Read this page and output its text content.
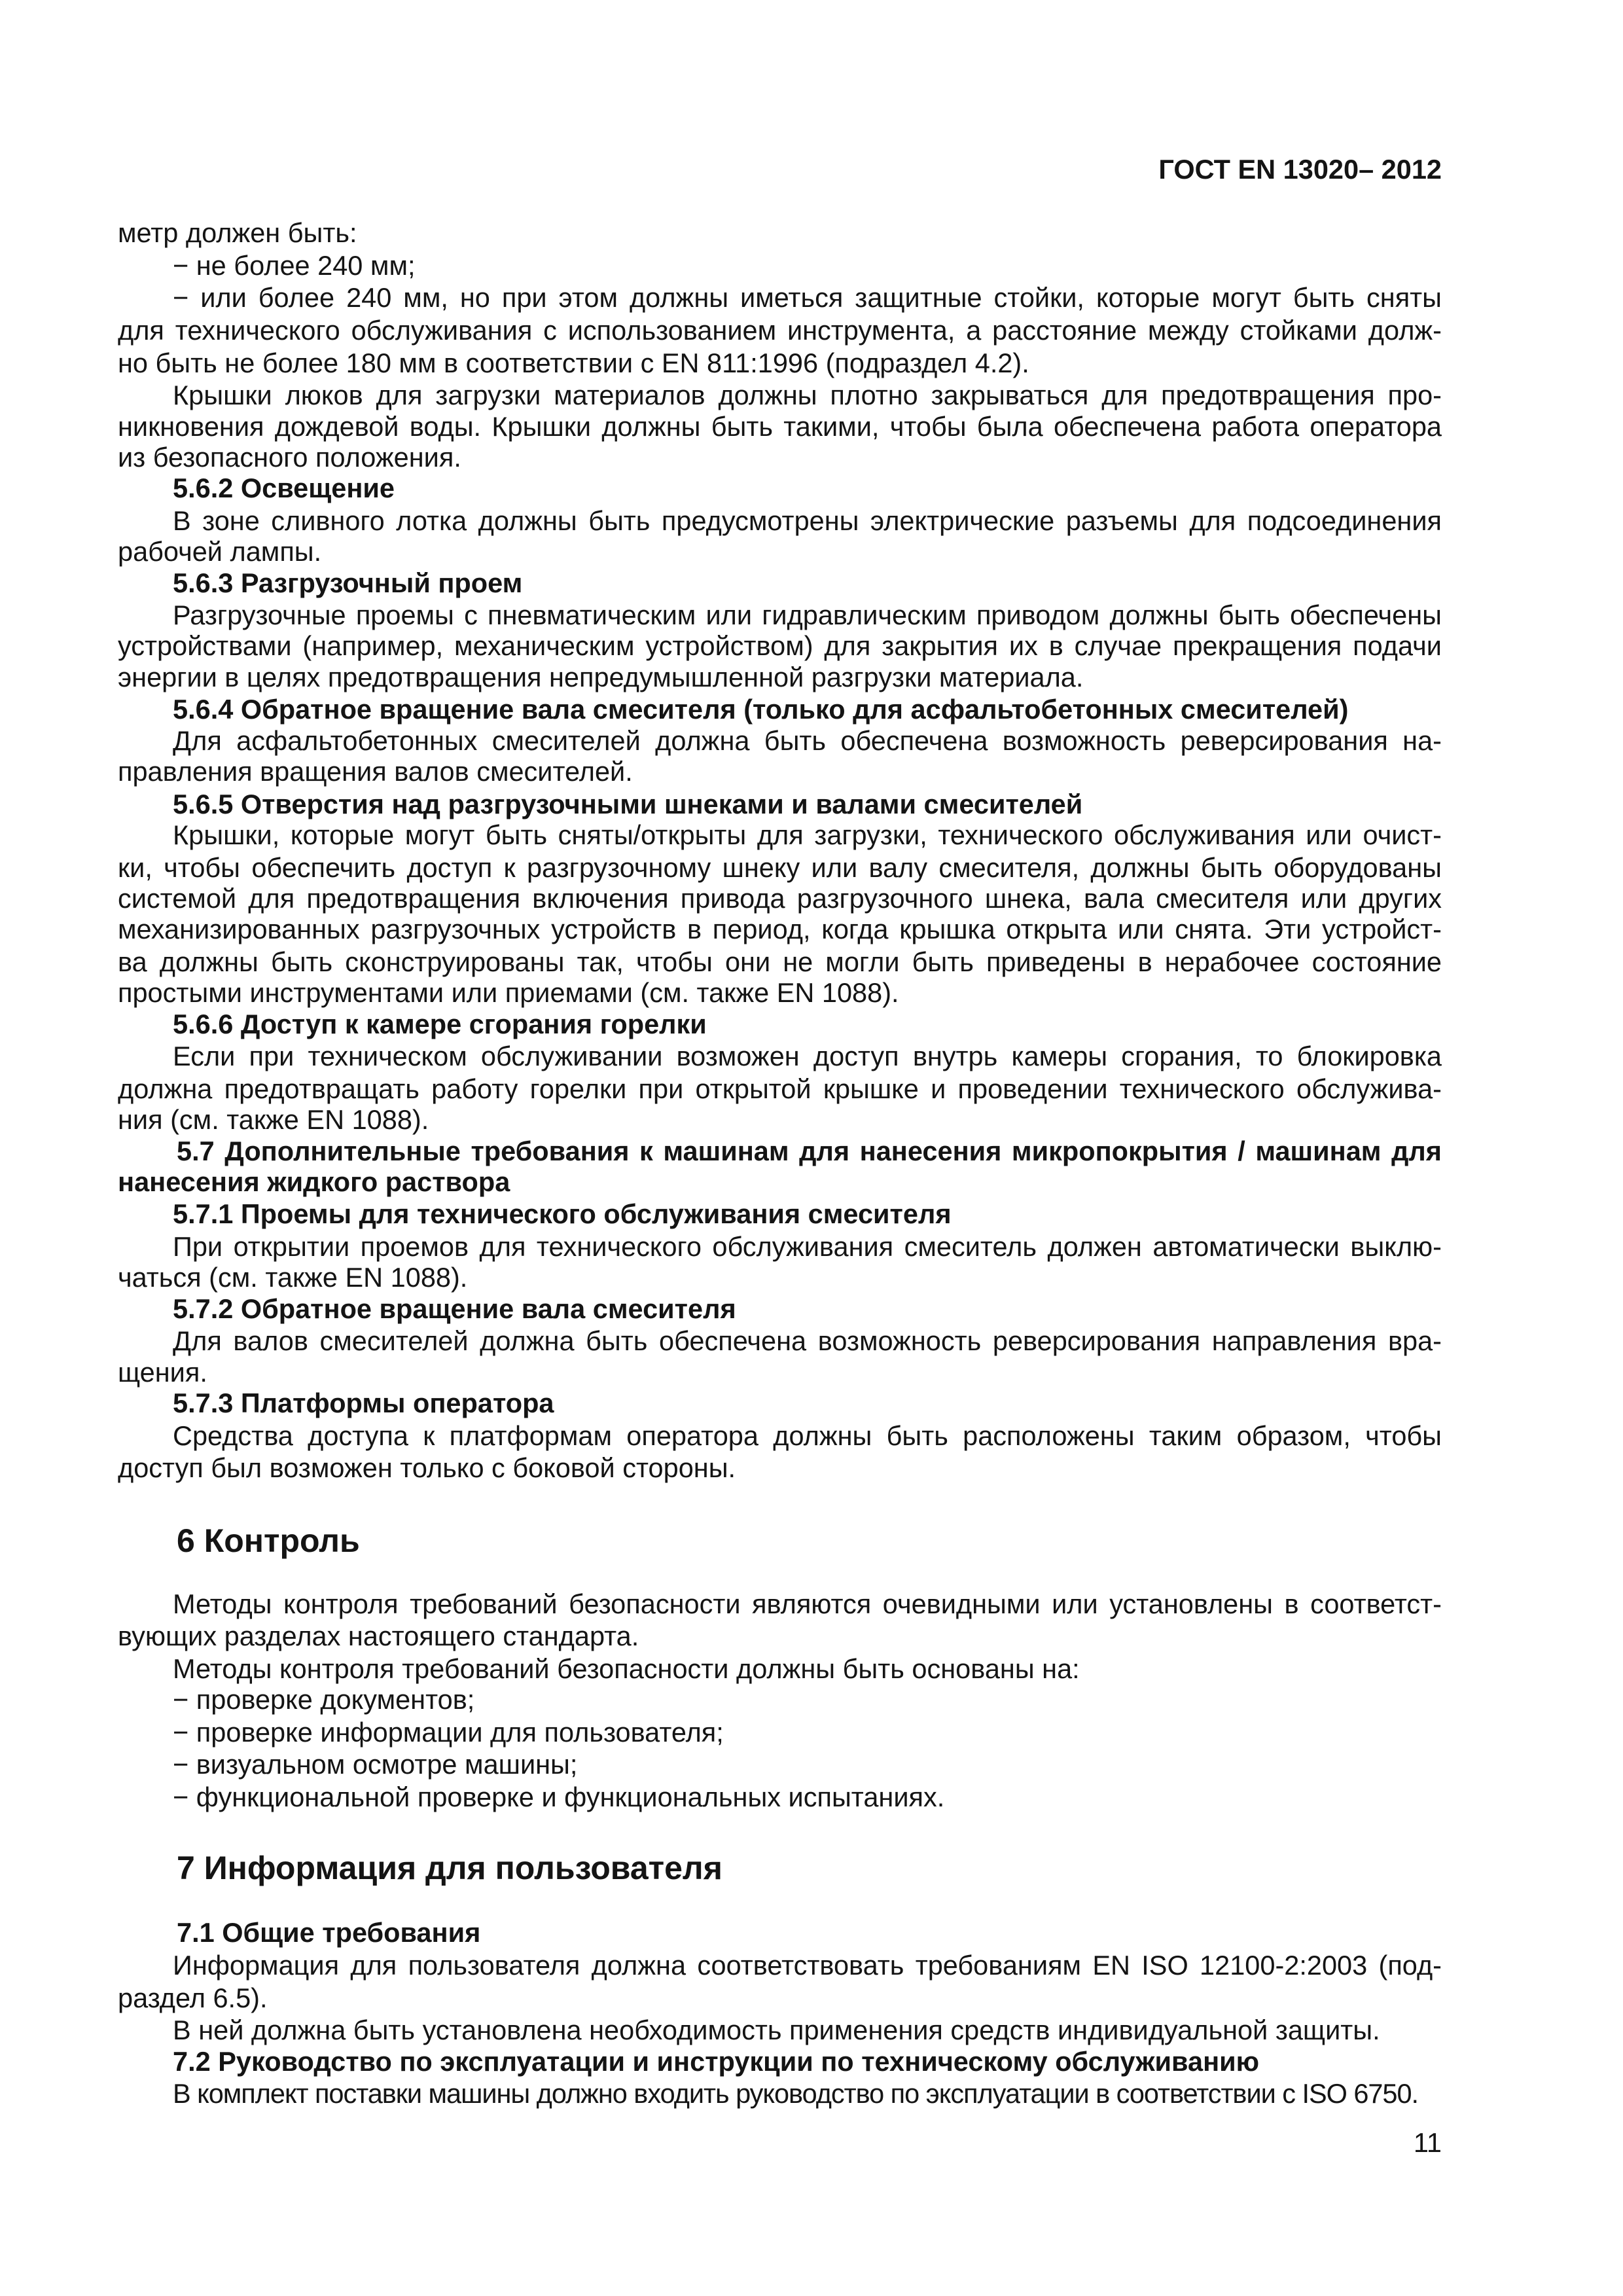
ГОСТ EN 13020– 2012
метр должен быть:
− не более 240 мм;
− или более 240 мм, но при этом должны иметься защитные стойки, которые могут быть сняты
для технического обслуживания с использованием инструмента, а расстояние между стойками долж-
но быть не более 180 мм в соответствии с EN 811:1996 (подраздел 4.2).
Крышки люков для загрузки материалов должны плотно закрываться для предотвращения про-
никновения дождевой воды. Крышки должны быть такими, чтобы была обеспечена работа оператора
из безопасного положения.
5.6.2 Освещение
В зоне сливного лотка должны быть предусмотрены электрические разъемы для подсоединения
рабочей лампы.
5.6.3 Разгрузочный проем
Разгрузочные проемы с пневматическим или гидравлическим приводом должны быть обеспечены
устройствами (например, механическим устройством) для закрытия их в случае прекращения подачи
энергии в целях предотвращения непредумышленной разгрузки материала.
5.6.4 Обратное вращение вала смесителя (только для асфальтобетонных смесителей)
Для асфальтобетонных смесителей должна быть обеспечена возможность реверсирования на-
правления вращения валов смесителей.
5.6.5 Отверстия над разгрузочными шнеками и валами смесителей
Крышки, которые могут быть сняты/открыты для загрузки, технического обслуживания или очист-
ки, чтобы обеспечить доступ к разгрузочному шнеку или валу смесителя, должны быть оборудованы
системой для предотвращения включения привода разгрузочного шнека, вала смесителя или других
механизированных разгрузочных устройств в период, когда крышка открыта или снята. Эти устройст-
ва должны быть сконструированы так, чтобы они не могли быть приведены в нерабочее состояние
простыми инструментами или приемами (см. также EN 1088).
5.6.6 Доступ к камере сгорания горелки
Если при техническом обслуживании возможен доступ внутрь камеры сгорания, то блокировка
должна предотвращать работу горелки при открытой крышке и проведении технического обслужива-
ния (см. также EN 1088).
5.7 Дополнительные требования к машинам для нанесения микропокрытия / машинам для
нанесения жидкого раствора
5.7.1 Проемы для технического обслуживания смесителя
При открытии проемов для технического обслуживания смеситель должен автоматически выклю-
чаться (см. также EN 1088).
5.7.2 Обратное вращение вала смесителя
Для валов смесителей должна быть обеспечена возможность реверсирования направления вра-
щения.
5.7.3 Платформы оператора
Средства доступа к платформам оператора должны быть расположены таким образом, чтобы
доступ был возможен только с боковой стороны.
6 Контроль
Методы контроля требований безопасности являются очевидными или установлены в соответст-
вующих разделах настоящего стандарта.
Методы контроля требований безопасности должны быть основаны на:
− проверке документов;
− проверке информации для пользователя;
− визуальном осмотре машины;
− функциональной проверке и функциональных испытаниях.
7 Информация для пользователя
7.1 Общие требования
Информация для пользователя должна соответствовать требованиям EN ISO 12100-2:2003 (под-
раздел 6.5).
В ней должна быть установлена необходимость применения средств индивидуальной защиты.
7.2 Руководство по эксплуатации и инструкции по техническому обслуживанию
В комплект поставки машины должно входить руководство по эксплуатации в соответствии с ISO 6750.
11
